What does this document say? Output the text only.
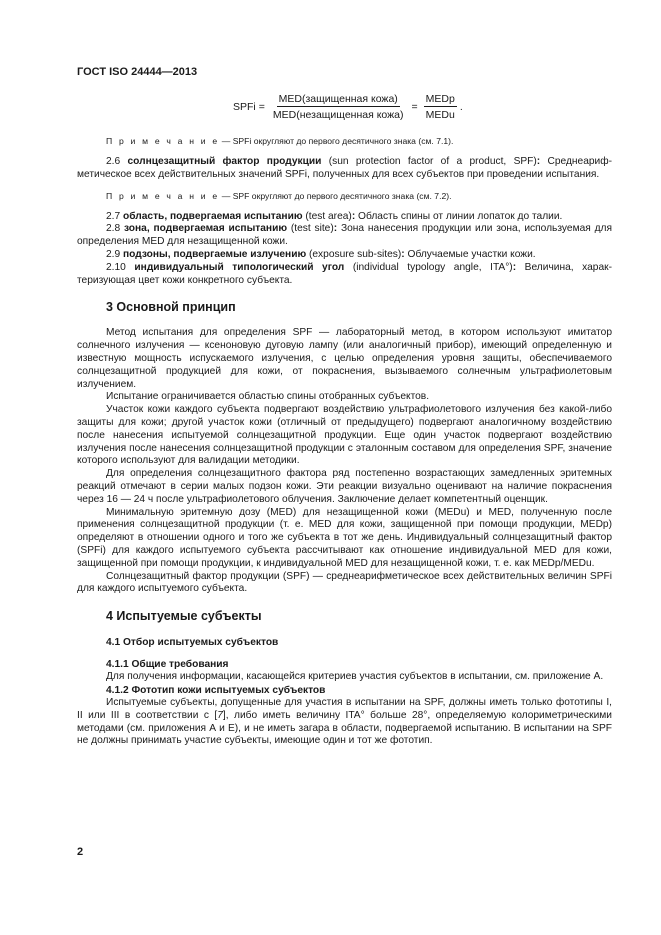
ГОСТ ISO 24444—2013
SPFi = $\frac{\text{MED(защищенная кожа)}}{\text{MED(незащищенная кожа)}} = \frac{\text{MEDp}}{\text{MEDu}}$ .

П р и м е ч а н и е — SPFi округляют до первого десятичного знака (см. 7.1).

2.6 солнцезащитный фактор продукции (sun protection factor of a product, SPF): Среднеарифметическое всех действительных значений SPFi, полученных для всех субъектов при проведении испытания.

П р и м е ч а н и е — SPF округляют до первого десятичного знака (см. 7.2).

2.7 область, подвергаемая испытанию (test area): Область спины от линии лопаток до талии.

2.8 зона, подвергаемая испытанию (test site): Зона нанесения продукции или зона, используемая для определения MED для незащищенной кожи.

2.9 подзоны, подвергаемые излучению (exposure sub-sites): Облучаемые участки кожи.

2.10 индивидуальный типологический угол (individual typology angle, ITA°): Величина, характеризующая цвет кожи конкретного субъекта.

3 Основной принцип

Метод испытания для определения SPF — лабораторный метод, в котором используют имитатор солнечного излучения — ксеноновую дуговую лампу (или аналогичный прибор), имеющий определенную и известную мощность испускаемого излучения, с целью определения уровня защиты, обеспечиваемого солнцезащитной продукцией для кожи, от покраснения, вызываемого солнечным ультрафиолетовым излучением.

Испытание ограничивается областью спины отобранных субъектов.

Участок кожи каждого субъекта подвергают воздействию ультрафиолетового излучения без какой-либо защиты для кожи; другой участок кожи (отличный от предыдущего) подвергают аналогичному воздействию после нанесения испытуемой солнцезащитной продукции. Еще один участок подвергают воздействию излучения после нанесения солнцезащитной продукции с эталонным составом для определения SPF, значение которого используют для валидации методики.

Для определения солнцезащитного фактора ряд постепенно возрастающих замедленных эритемных реакций отмечают в серии малых подзон кожи. Эти реакции визуально оценивают на наличие покраснения через 16 — 24 ч после ультрафиолетового облучения. Заключение делает компетентный оценщик.

Минимальную эритемную дозу (MED) для незащищенной кожи (MEDu) и MED, полученную после применения солнцезащитной продукции (т. е. MED для кожи, защищенной при помощи продукции, MEDp) определяют в отношении одного и того же субъекта в тот же день. Индивидуальный солнцезащитный фактор (SPFi) для каждого испытуемого субъекта рассчитывают как отношение индивидуальной MED для кожи, защищенной при помощи продукции, к индивидуальной MED для незащищенной кожи, т. е. как MEDp/MEDu.

Солнцезащитный фактор продукции (SPF) — среднеарифметическое всех действительных величин SPFi для каждого испытуемого субъекта.

4 Испытуемые субъекты
4.1 Отбор испытуемых субъектов
4.1.1 Общие требования

Для получения информации, касающейся критериев участия субъектов в испытании, см. приложение А.

4.1.2 Фототип кожи испытуемых субъектов

Испытуемые субъекты, допущенные для участия в испытании на SPF, должны иметь только фототипы I, II или III в соответствии с [7], либо иметь величину ITA° больше 28°, определяемую колориметрическими методами (см. приложения А и Е), и не иметь загара в области, подвергаемой испытанию. В испытании на SPF не должны принимать участие субъекты, имеющие один и тот же фототип.

2
